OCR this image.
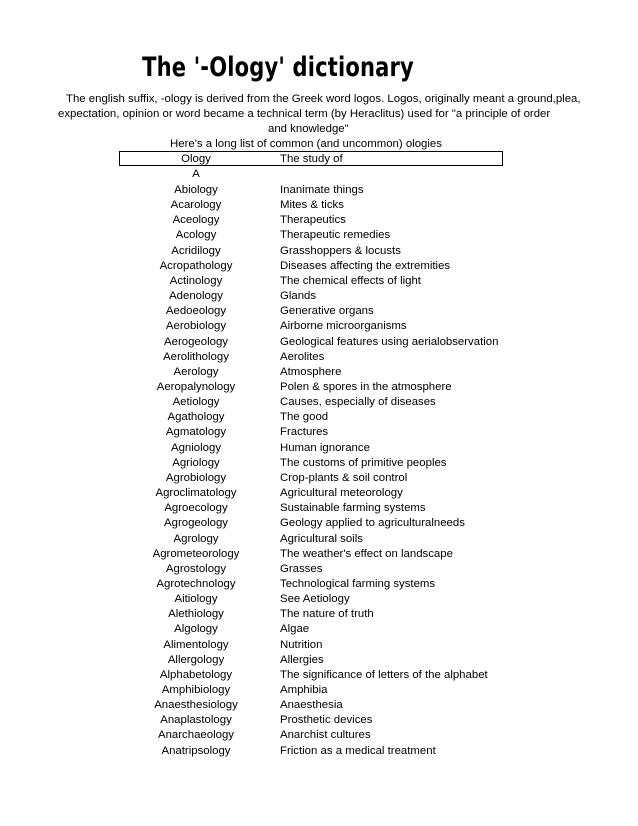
The '-Ology' dictionary
The english suffix, -ology is derived from the Greek word logos. Logos, originally meant a ground,plea,
expectation, opinion or word became a technical term (by Heraclitus) used for "a principle of order
and knowledge"
Here's a long list of common (and uncommon) ologies
Ology	The study of
A
Abiology	Inanimate things
Acarology	Mites & ticks
Aceology	Therapeutics
Acology	Therapeutic remedies
Acridilogy	Grasshoppers & locusts
Acropathology	Diseases affecting the extremities
Actinology	The chemical effects of light
Adenology	Glands
Aedoeology	Generative organs
Aerobiology	Airborne microorganisms
Aerogeology	Geological features using aerialobservation
Aerolithology	Aerolites
Aerology	Atmosphere
Aeropalynology	Polen & spores in the atmosphere
Aetiology	Causes, especially of diseases
Agathology	The good
Agmatology	Fractures
Agniology	Human ignorance
Agriology	The customs of primitive peoples
Agrobiology	Crop-plants & soil control
Agroclimatology	Agricultural meteorology
Agroecology	Sustainable farming systems
Agrogeology	Geology applied to agriculturalneeds
Agrology	Agricultural soils
Agrometeorology	The weather's effect on landscape
Agrostology	Grasses
Agrotechnology	Technological farming systems
Aitiology	See Aetiology
Alethiology	The nature of truth
Algology	Algae
Alimentology	Nutrition
Allergology	Allergies
Alphabetology	The significance of letters of the alphabet
Amphibiology	Amphibia
Anaesthesiology	Anaesthesia
Anaplastology	Prosthetic devices
Anarchaeology	Anarchist cultures
Anatripsology	Friction as a medical treatment
